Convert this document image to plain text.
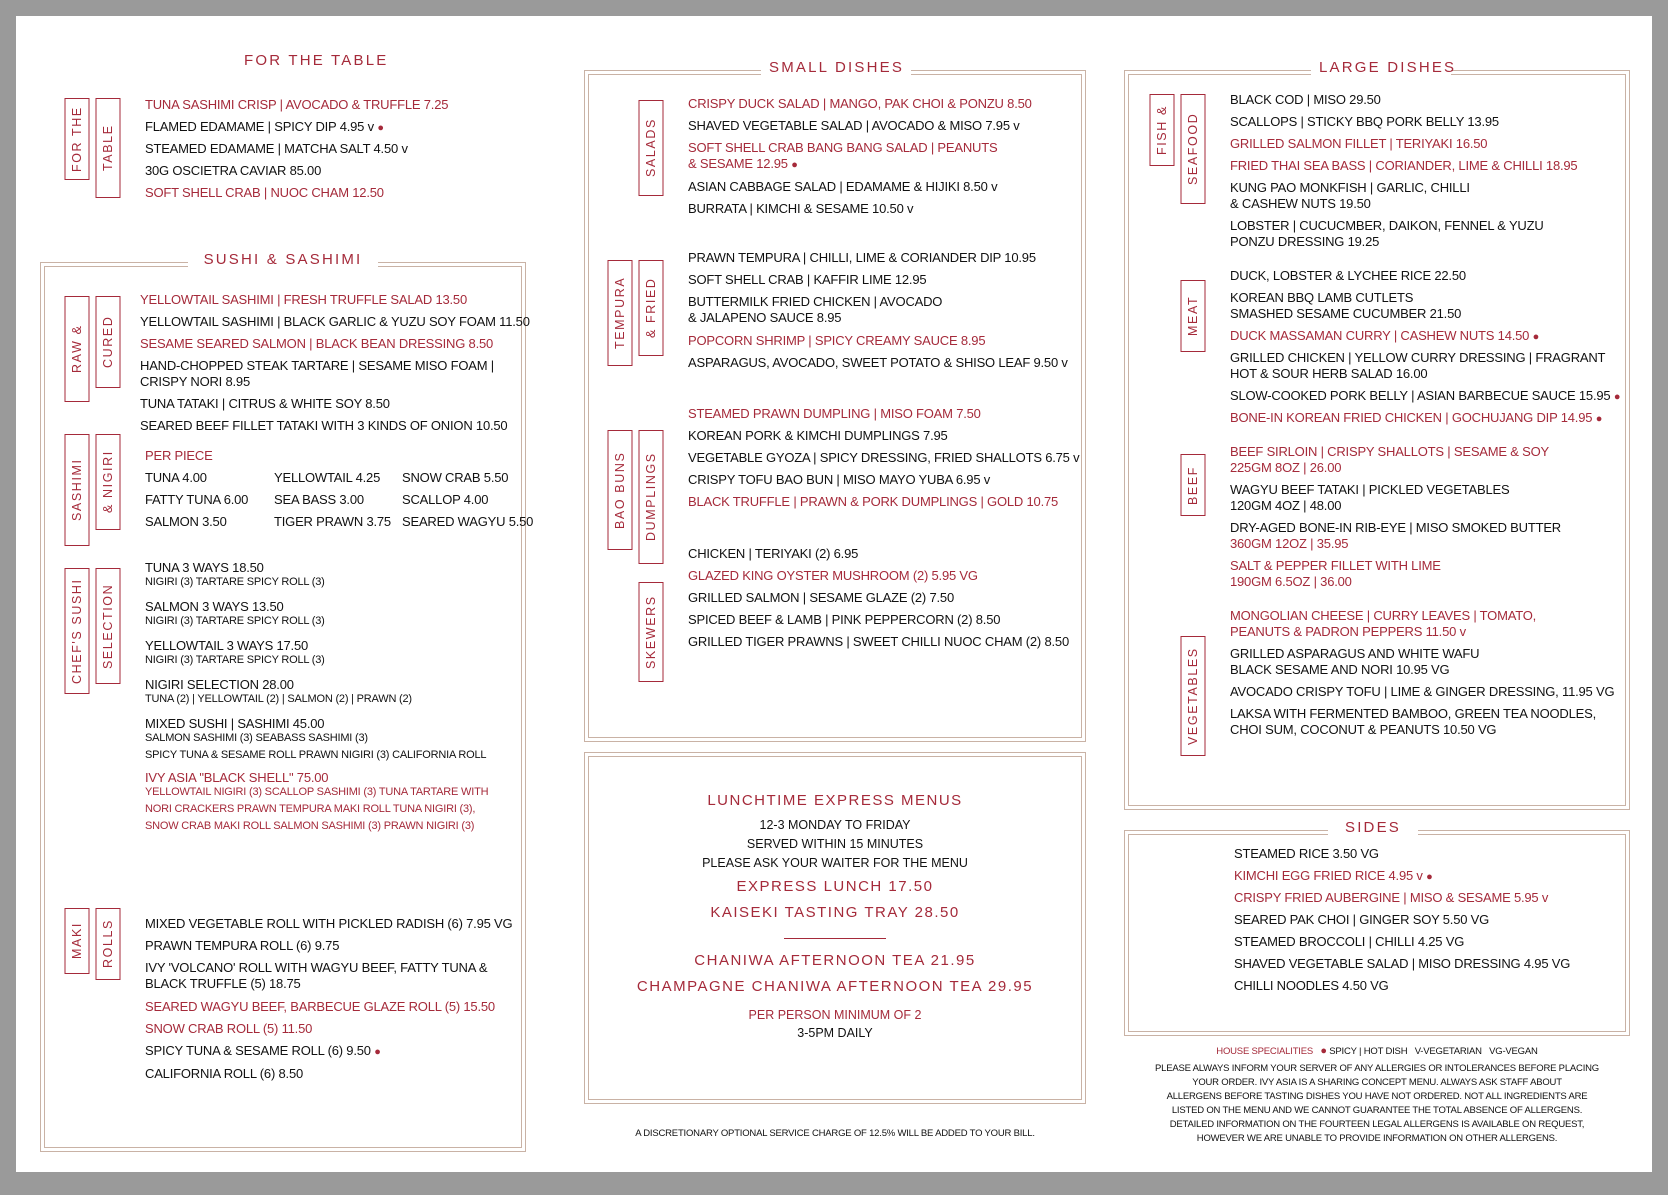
FOR THE TABLE
FOR THE	TABLE
TUNA SASHIMI CRISP | AVOCADO & TRUFFLE 7.25
FLAMED EDAMAME | SPICY DIP 4.95 v ●
STEAMED EDAMAME | MATCHA SALT 4.50 v
30G OSCIETRA CAVIAR 85.00
SOFT SHELL CRAB | NUOC CHAM 12.50
SUSHI & SASHIMI
RAW &	CURED
YELLOWTAIL SASHIMI | FRESH TRUFFLE SALAD 13.50
YELLOWTAIL SASHIMI | BLACK GARLIC & YUZU SOY FOAM 11.50
SESAME SEARED SALMON | BLACK BEAN DRESSING 8.50
HAND-CHOPPED STEAK TARTARE | SESAME MISO FOAM |
CRISPY NORI 8.95
TUNA TATAKI | CITRUS & WHITE SOY 8.50
SEARED BEEF FILLET TATAKI WITH 3 KINDS OF ONION 10.50
SASHIMI	& NIGIRI	PER PIECE
TUNA 4.00	YELLOWTAIL 4.25 SNOW CRAB 5.50
FATTY TUNA 6.00 SEA BASS 3.00	SCALLOP 4.00
SALMON 3.50	TIGER PRAWN 3.75 SEARED WAGYU 5.50
CHEF'S SUSHI	SELECTION
TUNA 3 WAYS 18.50
NIGIRI (3) TARTARE SPICY ROLL (3)
SALMON 3 WAYS 13.50
NIGIRI (3) TARTARE SPICY ROLL (3)
YELLOWTAIL 3 WAYS 17.50
NIGIRI (3) TARTARE SPICY ROLL (3)
NIGIRI SELECTION 28.00
TUNA (2) | YELLOWTAIL (2) | SALMON (2) | PRAWN (2)
MIXED SUSHI | SASHIMI 45.00
SALMON SASHIMI (3) SEABASS SASHIMI (3)
SPICY TUNA & SESAME ROLL PRAWN NIGIRI (3) CALIFORNIA ROLL
IVY ASIA "BLACK SHELL" 75.00
YELLOWTAIL NIGIRI (3) SCALLOP SASHIMI (3) TUNA TARTARE WITH
NORI CRACKERS PRAWN TEMPURA MAKI ROLL TUNA NIGIRI (3),
SNOW CRAB MAKI ROLL SALMON SASHIMI (3) PRAWN NIGIRI (3)
MAKI	ROLLS	MIXED VEGETABLE ROLL WITH PICKLED RADISH (6) 7.95 VG
PRAWN TEMPURA ROLL (6) 9.75
IVY 'VOLCANO' ROLL WITH WAGYU BEEF, FATTY TUNA &
BLACK TRUFFLE (5) 18.75
SEARED WAGYU BEEF, BARBECUE GLAZE ROLL (5) 15.50
SNOW CRAB ROLL (5) 11.50
SPICY TUNA & SESAME ROLL (6) 9.50 ●
CALIFORNIA ROLL (6) 8.50
SMALL DISHES
SALADS
CRISPY DUCK SALAD | MANGO, PAK CHOI & PONZU 8.50
SHAVED VEGETABLE SALAD | AVOCADO & MISO 7.95 v
SOFT SHELL CRAB BANG BANG SALAD | PEANUTS
& SESAME 12.95 ●
ASIAN CABBAGE SALAD | EDAMAME & HIJIKI 8.50 v
BURRATA | KIMCHI & SESAME 10.50 v
TEMPURA	& FRIED
PRAWN TEMPURA | CHILLI, LIME & CORIANDER DIP 10.95
SOFT SHELL CRAB | KAFFIR LIME 12.95
BUTTERMILK FRIED CHICKEN | AVOCADO
& JALAPENO SAUCE 8.95
POPCORN SHRIMP | SPICY CREAMY SAUCE 8.95
ASPARAGUS, AVOCADO, SWEET POTATO & SHISO LEAF 9.50 v
BAO BUNS	DUMPLINGS
STEAMED PRAWN DUMPLING | MISO FOAM 7.50
KOREAN PORK & KIMCHI DUMPLINGS 7.95
VEGETABLE GYOZA | SPICY DRESSING, FRIED SHALLOTS 6.75 v
CRISPY TOFU BAO BUN | MISO MAYO YUBA 6.95 v
BLACK TRUFFLE | PRAWN & PORK DUMPLINGS | GOLD 10.75
SKEWERS
CHICKEN | TERIYAKI (2) 6.95
GLAZED KING OYSTER MUSHROOM (2) 5.95 VG
GRILLED SALMON | SESAME GLAZE (2) 7.50
SPICED BEEF & LAMB | PINK PEPPERCORN (2) 8.50
GRILLED TIGER PRAWNS | SWEET CHILLI NUOC CHAM (2) 8.50
LUNCHTIME EXPRESS MENUS
12-3 MONDAY TO FRIDAY
SERVED WITHIN 15 MINUTES
PLEASE ASK YOUR WAITER FOR THE MENU
EXPRESS LUNCH 17.50
KAISEKI TASTING TRAY 28.50
CHANIWA AFTERNOON TEA 21.95
CHAMPAGNE CHANIWA AFTERNOON TEA 29.95
PER PERSON MINIMUM OF 2
3-5PM DAILY
A DISCRETIONARY OPTIONAL SERVICE CHARGE OF 12.5% WILL BE ADDED TO YOUR BILL.
LARGE DISHES
FISH &	SEAFOOD
BLACK COD | MISO 29.50
SCALLOPS | STICKY BBQ PORK BELLY 13.95
GRILLED SALMON FILLET | TERIYAKI 16.50
FRIED THAI SEA BASS | CORIANDER, LIME & CHILLI 18.95
KUNG PAO MONKFISH | GARLIC, CHILLI
& CASHEW NUTS 19.50
LOBSTER | CUCUCMBER, DAIKON, FENNEL & YUZU
PONZU DRESSING 19.25
MEAT
DUCK, LOBSTER & LYCHEE RICE 22.50
KOREAN BBQ LAMB CUTLETS
SMASHED SESAME CUCUMBER 21.50
DUCK MASSAMAN CURRY | CASHEW NUTS 14.50 ●
GRILLED CHICKEN | YELLOW CURRY DRESSING | FRAGRANT
HOT & SOUR HERB SALAD 16.00
SLOW-COOKED PORK BELLY | ASIAN BARBECUE SAUCE 15.95 ●
BONE-IN KOREAN FRIED CHICKEN | GOCHUJANG DIP 14.95 ●
BEEF
BEEF SIRLOIN | CRISPY SHALLOTS | SESAME & SOY
225GM 8OZ | 26.00
WAGYU BEEF TATAKI | PICKLED VEGETABLES
120GM 4OZ | 48.00
DRY-AGED BONE-IN RIB-EYE | MISO SMOKED BUTTER
360GM 12OZ | 35.95
SALT & PEPPER FILLET WITH LIME
190GM 6.5OZ | 36.00
VEGETABLES
MONGOLIAN CHEESE | CURRY LEAVES | TOMATO,
PEANUTS & PADRON PEPPERS 11.50 v
GRILLED ASPARAGUS AND WHITE WAFU
BLACK SESAME AND NORI 10.95 VG
AVOCADO CRISPY TOFU | LIME & GINGER DRESSING, 11.95 VG
LAKSA WITH FERMENTED BAMBOO, GREEN TEA NOODLES,
CHOI SUM, COCONUT & PEANUTS 10.50 VG
SIDES
STEAMED RICE 3.50 VG
KIMCHI EGG FRIED RICE 4.95 v ●
CRISPY FRIED AUBERGINE | MISO & SESAME 5.95 v
SEARED PAK CHOI | GINGER SOY 5.50 VG
STEAMED BROCCOLI | CHILLI 4.25 VG
SHAVED VEGETABLE SALAD | MISO DRESSING 4.95 VG
CHILLI NOODLES 4.50 VG
HOUSE SPECIALITIES ● SPICY | HOT DISH V-VEGETARIAN VG-VEGAN
PLEASE ALWAYS INFORM YOUR SERVER OF ANY ALLERGIES OR INTOLERANCES BEFORE PLACING
YOUR ORDER. IVY ASIA IS A SHARING CONCEPT MENU. ALWAYS ASK STAFF ABOUT
ALLERGENS BEFORE TASTING DISHES YOU HAVE NOT ORDERED. NOT ALL INGREDIENTS ARE
LISTED ON THE MENU AND WE CANNOT GUARANTEE THE TOTAL ABSENCE OF ALLERGENS.
DETAILED INFORMATION ON THE FOURTEEN LEGAL ALLERGENS IS AVAILABLE ON REQUEST,
HOWEVER WE ARE UNABLE TO PROVIDE INFORMATION ON OTHER ALLERGENS.
